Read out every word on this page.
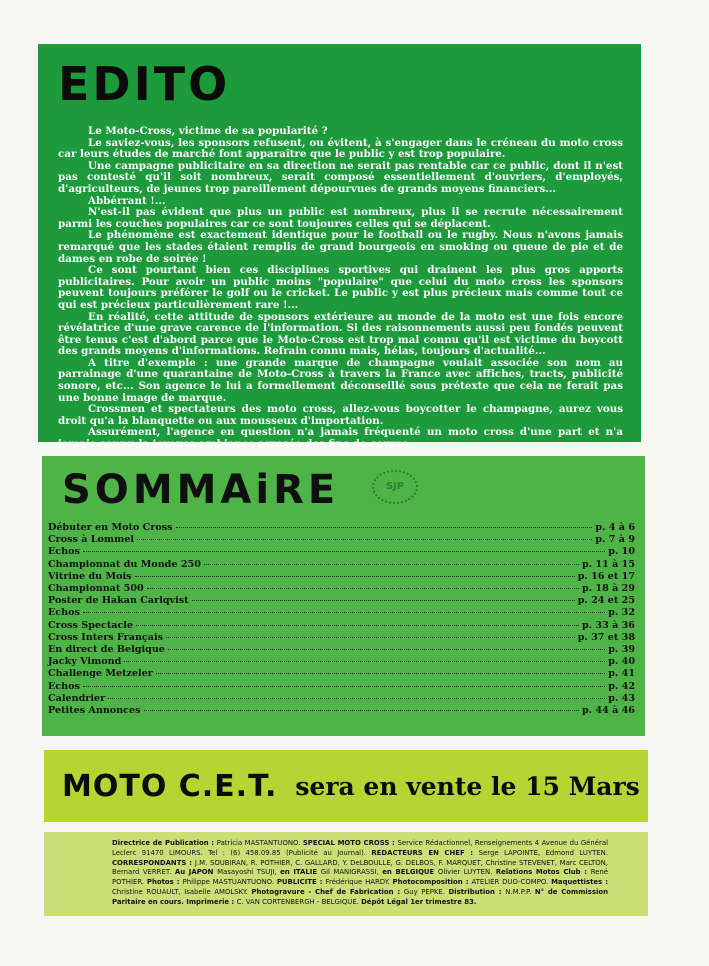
EDITO

Le Moto-Cross, victime de sa popularité ?

Le saviez-vous, les sponsors refusent, ou évitent, à s'engager dans le créneau du moto cross car leurs études de marché font apparaître que le public y est trop populaire.

Une campagne publicitaire en sa direction ne serait pas rentable car ce public, dont il n'est pas contesté qu'il soit nombreux, serait composé essentiellement d'ouvriers, d'employés, d'agriculteurs, de jeunes trop pareillement dépourvues de grands moyens financiers...

Abbérrant !...

N'est-il pas évident que plus un public est nombreux, plus il se recrute nécessairement parmi les couches populaires car ce sont toujoures celles qui se déplacent.

Le phénomène est exactement identique pour le football ou le rugby. Nous n'avons jamais remarqué que les stades étaient remplis de grand bourgeois en smoking ou queue de pie et de dames en robe de soirée !

Ce sont pourtant bien ces disciplines sportives qui drainent les plus gros apports publicitaires. Pour avoir un public moins "populaire" que celui du moto cross les sponsors peuvent toujours préférer le golf ou le cricket. Le public y est plus précieux mais comme tout ce qui est précieux particulièrement rare !...

En réalité, cette attitude de sponsors extérieure au monde de la moto est une fois encore révélatrice d'une grave carence de l'information. Si des raisonnements aussi peu fondés peuvent être tenus c'est d'abord parce que le Moto-Cross est trop mal connu qu'il est victime du boycott des grands moyens d'informations. Refrain connu mais, hélas, toujours d'actualité...

A titre d'exemple : une grande marque de champagne voulait associée son nom au parrainage d'une quarantaine de Moto-Cross à travers la France avec affiches, tracts, publicité sonore, etc... Son agence le lui a formellement déconseillé sous prétexte que cela ne ferait pas une bonne image de marque.

Crossmen et spectateurs des moto cross, allez-vous boycotter le champagne, aurez vous droit qu'a la blanquette ou aux mousseux d'importation.

Assurément, l'agence en question n'a jamais fréquenté un moto cross d'une part et n'a jamais connu la joyeuse ambiance arrosée des fins de course.

SOMMAiRE	SJP
Débuter en Moto Cross	p. 4 à 6
Cross à Lommel	p. 7 à 9
Echos	p. 10
Championnat du Monde 250	p. 11 à 15
Vitrine du Mois	p. 16 et 17
Championnat 500	p. 18 à 29
Poster de Hakan Carlqvist	p. 24 et 25
Echos	p. 32
Cross Spectacle	p. 33 à 36
Cross Inters Français	p. 37 et 38
En direct de Belgique	p. 39
Jacky Vimond	p. 40
Challenge Metzeler	p. 41
Echos	p. 42
Calendrier	p. 43
Petites Annonces	p. 44 à 46
MOTO C.E.T. sera en vente le 15 Mars
Directrice de Publication : Patricia MASTANTUONO. SPECIAL MOTO CROSS : Service Rédactionnel, Renseignements 4 Avenue du Général Leclerc 91470 LIMOURS. Tel : (6) 458.09.85 (Publicité au Journal). REDACTEURS EN CHEF : Serge LAPOINTE, Edmond LUYTEN. CORRESPONDANTS : J.M. SOUBIRAN, R. POTHIER, C. GALLARD, Y. DeLBOULLE, G. DELBOS, F. MARQUET, Christine STEVENET, Marc CELTON, Bernard VERRET. Au JAPON Masayoshi TSUJI, en ITALIE Gil MANIGRASSI, en BELGIQUE Olivier LUYTEN. Relations Motos Club : René POTHIER. Photos : Philippe MASTUANTUONO. PUBLICITE : Frédérique HARDY. Photocomposition : ATELIER DUO-COMPO. Maquettistes : Christine ROUAULT, Isabelle AMOLSKY. Photogravure - Chef de Fabrication : Guy PEPKE. Distribution : N.M.P.P. N° de Commission Paritaire en cours. Imprimerie : C. VAN CORTENBERGH - BELGIQUE. Dépôt Légal 1er trimestre 83.
